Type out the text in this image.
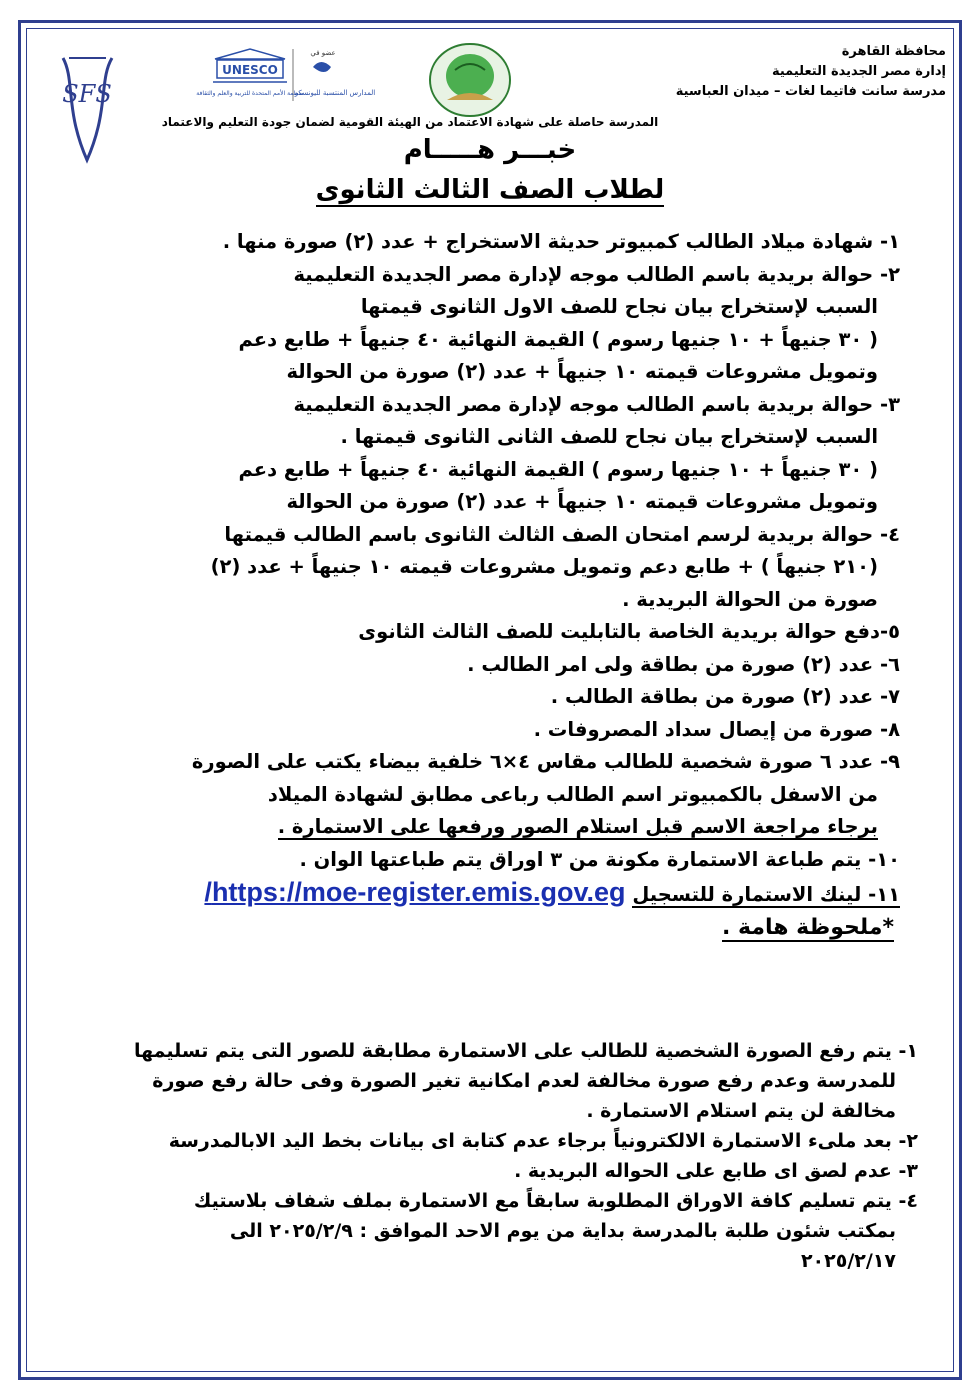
SFS
UNESCO
عضو في
المدارس المنتسبة لليونسكو
منظمة الأمم المتحدة للتربية والعلم والثقافة
محافظة القاهرة
إدارة مصر الجديدة التعليمية
مدرسة سانت فاتيما لغات – ميدان العباسية
المدرسة حاصلة على شهادة الاعتماد من الهيئة القومية لضمان جودة التعليم والاعتماد
خبـــر هـــــام
لطلاب الصف الثالث الثانوى
١- شهادة ميلاد الطالب كمبيوتر حديثة الاستخراج + عدد (٢) صورة منها .
٢- حوالة بريدية باسم الطالب موجه لإدارة مصر الجديدة التعليمية
السبب لإستخراج بيان نجاح للصف الاول الثانوى قيمتها
( ٣٠ جنيهاً + ١٠ جنيها رسوم ) القيمة النهائية ٤٠ جنيهاً + طابع دعم
وتمويل مشروعات قيمته ١٠ جنيهاً + عدد (٢) صورة من الحوالة
٣- حوالة بريدية باسم الطالب موجه لإدارة مصر الجديدة التعليمية
السبب لإستخراج بيان نجاح للصف الثانى الثانوى قيمتها .
( ٣٠ جنيهاً + ١٠ جنيها رسوم ) القيمة النهائية ٤٠ جنيهاً + طابع دعم
وتمويل مشروعات قيمته ١٠ جنيهاً + عدد (٢) صورة من الحوالة
٤- حوالة بريدية لرسم امتحان الصف الثالث الثانوى باسم الطالب قيمتها
(٢١٠ جنيهاً ) + طابع دعم وتمويل مشروعات قيمته ١٠ جنيهاً + عدد (٢)
صورة من الحوالة البريدية .
٥-دفع حوالة بريدية الخاصة بالتابليت للصف الثالث الثانوى
٦- عدد (٢) صورة من بطاقة ولى امر الطالب .
٧- عدد (٢) صورة من بطاقة الطالب .
٨- صورة من إيصال سداد المصروفات .
٩- عدد ٦ صورة شخصية للطالب مقاس ٤×٦ خلفية بيضاء يكتب على الصورة
من الاسفل بالكمبيوتر اسم الطالب رباعى مطابق لشهادة الميلاد
برجاء مراجعة الاسم قبل استلام الصور ورفعها على الاستمارة .
١٠- يتم طباعة الاستمارة مكونة من ٣ اوراق يتم طباعتها الوان .
١١- لينك الاستمارة للتسجيل https://moe-register.emis.gov.eg/
*ملحوظة هامة .
١- يتم رفع الصورة الشخصية للطالب على الاستمارة مطابقة للصور التى يتم تسليمها
للمدرسة وعدم رفع صورة مخالفة لعدم امكانية تغير الصورة وفى حالة رفع صورة
مخالفة لن يتم استلام الاستمارة .
٢- بعد ملىء الاستمارة الالكترونياً برجاء عدم كتابة اى بيانات بخط اليد الابالمدرسة
٣- عدم لصق اى طابع على الحواله البريدية .
٤- يتم تسليم كافة الاوراق المطلوبة سابقاً مع الاستمارة بملف شفاف بلاستيك
بمكتب شئون طلبة بالمدرسة بداية من يوم الاحد الموافق : ٢٠٢٥/٢/٩ الى
٢٠٢٥/٢/١٧
